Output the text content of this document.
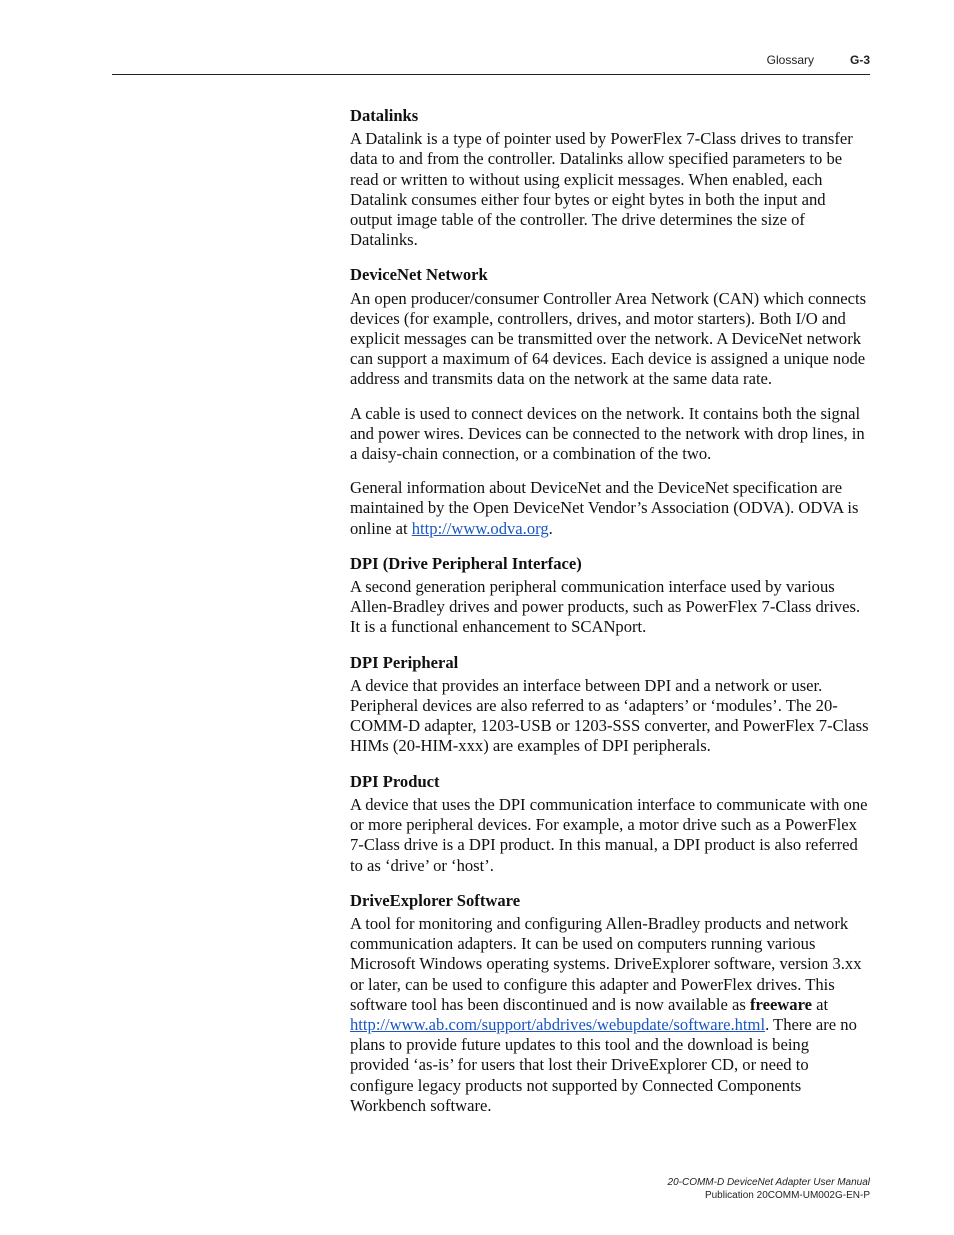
Glossary	G-3
Datalinks

A Datalink is a type of pointer used by PowerFlex 7-Class drives to transfer data to and from the controller. Datalinks allow specified parameters to be read or written to without using explicit messages. When enabled, each Datalink consumes either four bytes or eight bytes in both the input and output image table of the controller. The drive determines the size of Datalinks.

DeviceNet Network

An open producer/consumer Controller Area Network (CAN) which connects devices (for example, controllers, drives, and motor starters). Both I/O and explicit messages can be transmitted over the network. A DeviceNet network can support a maximum of 64 devices. Each device is assigned a unique node address and transmits data on the network at the same data rate.

A cable is used to connect devices on the network. It contains both the signal and power wires. Devices can be connected to the network with drop lines, in a daisy-chain connection, or a combination of the two.

General information about DeviceNet and the DeviceNet specification are maintained by the Open DeviceNet Vendor’s Association (ODVA). ODVA is online at http://www.odva.org.

DPI (Drive Peripheral Interface)

A second generation peripheral communication interface used by various Allen-Bradley drives and power products, such as PowerFlex 7-Class drives. It is a functional enhancement to SCANport.

DPI Peripheral

A device that provides an interface between DPI and a network or user. Peripheral devices are also referred to as ‘adapters’ or ‘modules’. The 20-COMM-D adapter, 1203-USB or 1203-SSS converter, and PowerFlex 7-Class HIMs (20-HIM-xxx) are examples of DPI peripherals.

DPI Product

A device that uses the DPI communication interface to communicate with one or more peripheral devices. For example, a motor drive such as a PowerFlex 7-Class drive is a DPI product. In this manual, a DPI product is also referred to as ‘drive’ or ‘host’.

DriveExplorer Software

A tool for monitoring and configuring Allen-Bradley products and network communication adapters. It can be used on computers running various Microsoft Windows operating systems. DriveExplorer software, version 3.xx or later, can be used to configure this adapter and PowerFlex drives. This software tool has been discontinued and is now available as freeware at http://www.ab.com/support/abdrives/webupdate/software.html. There are no plans to provide future updates to this tool and the download is being provided ‘as-is’ for users that lost their DriveExplorer CD, or need to configure legacy products not supported by Connected Components Workbench software.

20-COMM-D DeviceNet Adapter User Manual
Publication 20COMM-UM002G-EN-P
